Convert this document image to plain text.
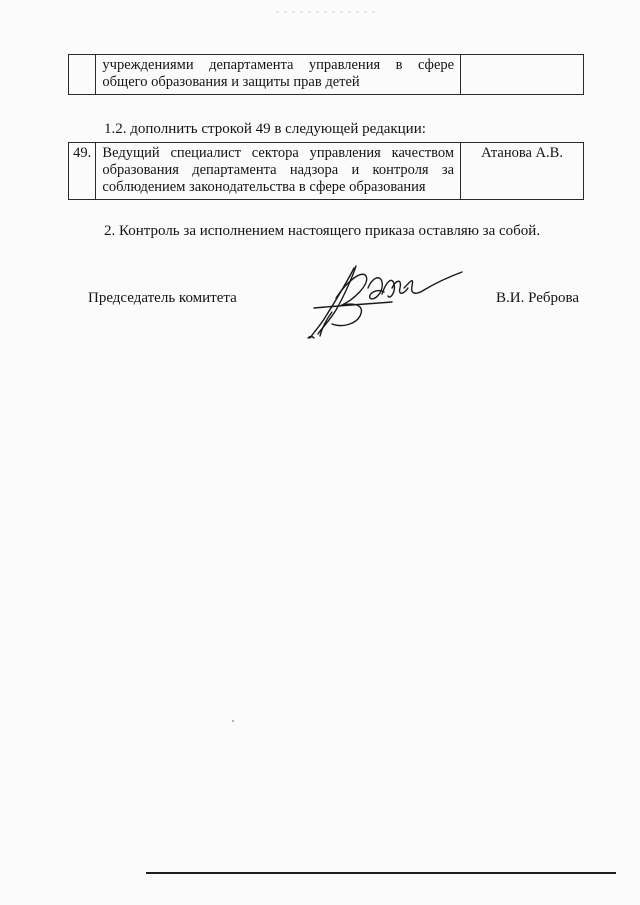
	учреждениями департамента управления в сфере общего образования и защиты прав детей	
1.2. дополнить строкой 49 в следующей редакции:
49.	Ведущий специалист сектора управления качеством образования департамента надзора и контроля за соблюдением законодательства в сфере образования	Атанова А.В.
2. Контроль за исполнением настоящего приказа оставляю за собой.
Председатель комитета	В.И. Реброва
